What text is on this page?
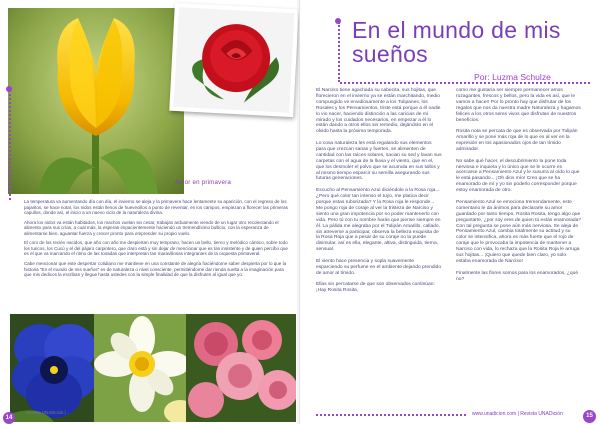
Amor en primavera

La temperatura va aumentando día con día, el invierno se aleja y la primavera hace lentamente su aparición, con el regreso de los pajaritos, se hace notar, los nidos están llenos de huevecillos a punto de reventar, en los campos, empiezan a florecer las primeras capullos, donde así, el inicio a un nuevo ciclo de la naturaleza divina.

Ahora los nidos va están habitados, los machos vuelan sin cesar, trabajan arduamente viendo de un lugar otro recolectando el alimento para sus crías, a cual más, la esperan impacientemente haciendo un tremendísimo bullicio, con la esperanza de alimentarse bien, aguantar fuerza y crecer pronto para emprender su propio vuelo.

El coro de los recién nacidos, que año con año me despiertan muy temprano, hacen un bello, tierno y melódico cántico, sobre todo los turicos, los Cucú y el del pájaro carpintero, que claro está y sin dejar de mencionar que es tan insistente y de quien percibo que es el que va marcando el ritmo de las tonadas que interpretan tan maravillosas integrantes de la orquesta primaveral.

Cabe mencionar que este despertar cotidiano me mantiene en una constante de alegría haciéndome saber despierta por lo que la historia "En el mundo de mis sueños" es de naturaleza o nivel consciente, permitiéndome dar rienda suelta a la imaginación para que mis dedicos la escriban y llegue hasta ustedes con la simple finalidad de que la disfruten al igual que yo.

14
Revista UNADición | ...
En el mundo de mis sueños
Por: Luzma Schulze

El Narciso tiene agachada su cabecita, sus hojitas, que florecieron en el invierno ya se están marchitando, medio compungido ve envidiosamente a los Tulipanes, los Rosales y los Pensamientos, triste está porque a él nadie lo vio nacer, haciendo distinción a las caricias de mi mirado y los cuidados necesarios, en empezar a él lo están dando a otros ellos sin remedio, dejándolo en el olvido hasta la próxima temporada.

Lo cosa naturaleza les está regalando sus elementos para que crezcan sanas y fuertes, se alimenten de cantidad con las raíces solares, sacian su sed y lavan sus carpetas con el agua de la lluvia y el viento, que en el, que los desmoler el polvo que se acumula en sus tallos y al mismo tiempo esparcir su semilla asegurando sus futuras generaciones.

Escucho al Pensamiento Azul diciéndole a la Rosa roja... ¿Pero qué color tan intenso el tuyo, me platica decir porque estas ruborizada? Y la Rosa roja le responde... Me pongo roja de coraje al ver la tristeza de Narciso y siento una gran impotencia por no poder mantenerlo con vida. Pero tú con tu nombre harás que piense siempre en él. La pálida me alegraba por el Tulipán Amarillo, callado, sin atreverse a participar, observa la belleza exquisita de la Rosa Roja que a pesar de su coraje no la puede disimular, así es ella, elegante, altiva, distinguida, tierna, sensual.

El viento hace presencia y sopla suavemente esparciendo su perfume en el ambiente dejando prendido de amor al tímido.

Ellas sin percatarse de que son observados continúan: ¡Hay Rosita Rosita,

como me gustaría ser siempre permanecer amos rozagantes, frescos y bellos, pero la vida es así, que le vamos a hacer! Por lo pronto hay que disfrutar de los regalos que nos da nuestra madre Naturaleza y hagamos felices a los otros seres vivos que disfrutan de nuestros beneficios.

Rosita nota se percata de que es observada por Tulipán Amarillo y se pone más roja de lo que es al ver en la expresión en los apasionados ojos de tan tímido admirador.

No sabe qué hacer, el descubrimiento la pone toda nerviosa e inquieta y lo único que se le ocurre es acercarse a Pensamiento Azul y le susurra al oído lo que le está pasando... ¡Oh dios mío! Creo que se ha enamorado de mí y yo sin poderlo corresponder porque estoy enamorada de otro.

Pensamiento Azul se emociona tremendamente, este comentario le da ánimos para declararle su amor guardado por tanto tiempo. Rosita Rosita, tengo algo que preguntarte, ¿por soy eres de quien tú estás enamorada? Con tal pregunta se pone aún más nerviosa. Se aleja de Pensamiento Azul, cambia totalmente su actitud y su color se intensifica, ahora es más fuerte que el rojo de coraje que le provocaba la impotencia de mantener a Narciso con vida, lo rechaza que la Rosita Roja le arruga sus hojitas... ¡Quiero que quede bien claro, yo solo estaba enamorada de Narciso!

Finalmente las flores somos para los enamorados, ¿qué no?

www.unadicion.com | Revista UNADición	15
